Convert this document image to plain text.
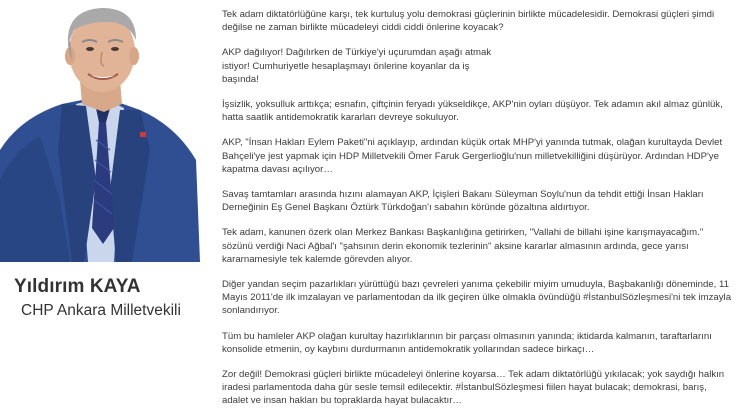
Yıldırım KAYA
CHP Ankara Milletvekili

Tek adam diktatörlüğüne karşı, tek kurtuluş yolu demokrasi güçlerinin birlikte mücadelesidir. Demokrasi güçleri şimdi değilse ne zaman birlikte mücadeleyi ciddi ciddi önlerine koyacak?

AKP dağılıyor! Dağılırken de Türkiye'yi uçurumdan aşağı atmak istiyor! Cumhuriyetle hesaplaşmayı önlerine koyanlar da iş başında!

İşsizlik, yoksulluk arttıkça; esnafın, çiftçinin feryadı yükseldikçe, AKP'nin oyları düşüyor. Tek adamın akıl almaz günlük, hatta saatlik antidemokratik kararları devreye sokuluyor.

AKP, "İnsan Hakları Eylem Paketi"ni açıklayıp, ardından küçük ortak MHP'yi yanında tutmak, olağan kurultayda Devlet Bahçeli'ye jest yapmak için HDP Milletvekili Ömer Faruk Gergerlioğlu'nun milletvekilliğini düşürüyor. Ardından HDP'ye kapatma davası açılıyor…

Savaş tamtamları arasında hızını alamayan AKP, İçişleri Bakanı Süleyman Soylu'nun da tehdit ettiği İnsan Hakları Derneğinin Eş Genel Başkanı Öztürk Türkdoğan'ı sabahın köründe gözaltına aldırtıyor.

Tek adam, kanunen özerk olan Merkez Bankası Başkanlığına getirirken, "Vallahi de billahi işine karışmayacağım." sözünü verdiği Naci Ağbal'ı "şahsının derin ekonomik tezlerinin" aksine kararlar almasının ardında, gece yarısı kararnamesiyle tek kalemde görevden alıyor.

Diğer yandan seçim pazarlıkları yürüttüğü bazı çevreleri yanıma çekebilir miyim umuduyla, Başbakanlığı döneminde, 11 Mayıs 2011'de ilk imzalayan ve parlamentodan da ilk geçiren ülke olmakla övündüğü #İstanbulSözleşmesi'ni tek imzayla sonlandırıyor.

Tüm bu hamleler AKP olağan kurultay hazırlıklarının bir parçası olmasının yanında; iktidarda kalmanın, taraftarlarını konsolide etmenin, oy kaybını durdurmanın antidemokratik yollarından sadece birkaçı…

Zor değil! Demokrasi güçleri birlikte mücadeleyi önlerine koyarsa… Tek adam diktatörlüğü yıkılacak; yok saydığı halkın iradesi parlamentoda daha gür sesle temsil edilecektir. #İstanbulSözleşmesi fiilen hayat bulacak; demokrasi, barış, adalet ve insan hakları bu topraklarda hayat bulacaktır…
